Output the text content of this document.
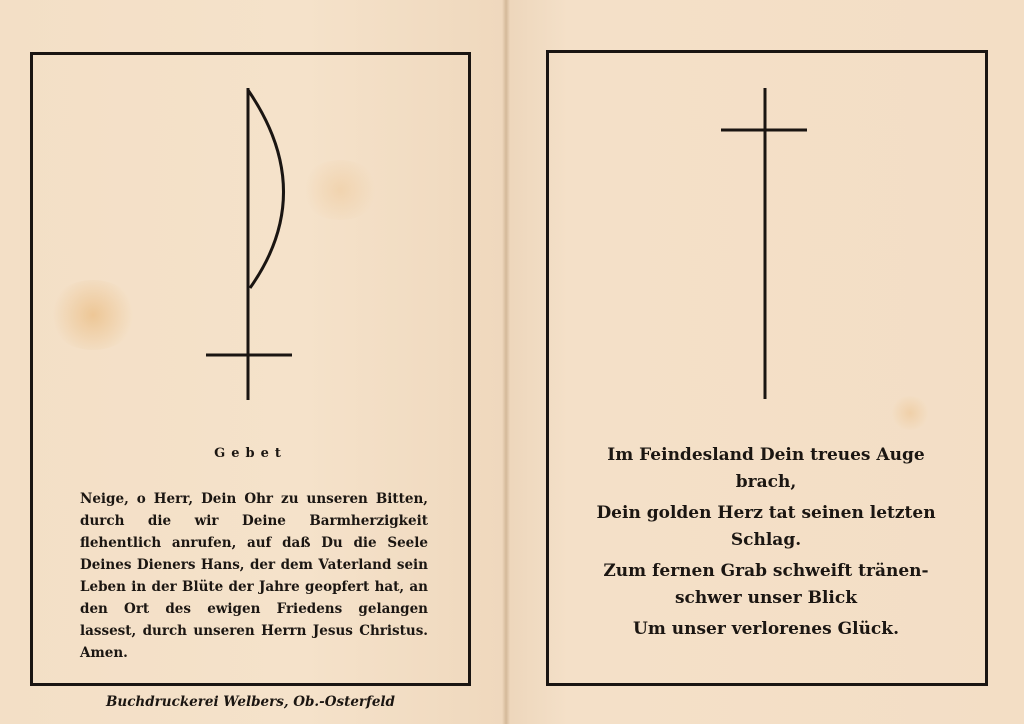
Gebet

Neige, o Herr, Dein Ohr zu unseren Bitten, durch die wir Deine Barmherzigkeit flehentlich anrufen, auf daß Du die Seele Deines Dieners Hans, der dem Vaterland sein Leben in der Blüte der Jahre geopfert hat, an den Ort des ewigen Friedens gelangen lassest, durch unseren Herrn Jesus Christus. Amen.

Buchdruckerei Welbers, Ob.-Osterfeld

Im Feindesland Dein treues Auge
brach,
Dein golden Herz tat seinen letzten
Schlag.
Zum fernen Grab schweift tränen-
schwer unser Blick
Um unser verlorenes Glück.
